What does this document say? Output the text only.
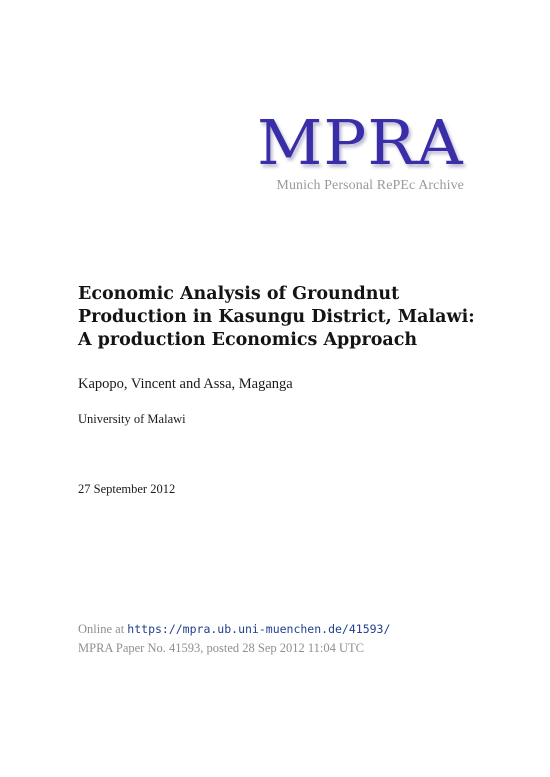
MPRA
Munich Personal RePEc Archive
Economic Analysis of Groundnut
Production in Kasungu District, Malawi:
A production Economics Approach
Kapopo, Vincent and Assa, Maganga
University of Malawi
27 September 2012
Online at https://mpra.ub.uni-muenchen.de/41593/
MPRA Paper No. 41593, posted 28 Sep 2012 11:04 UTC
